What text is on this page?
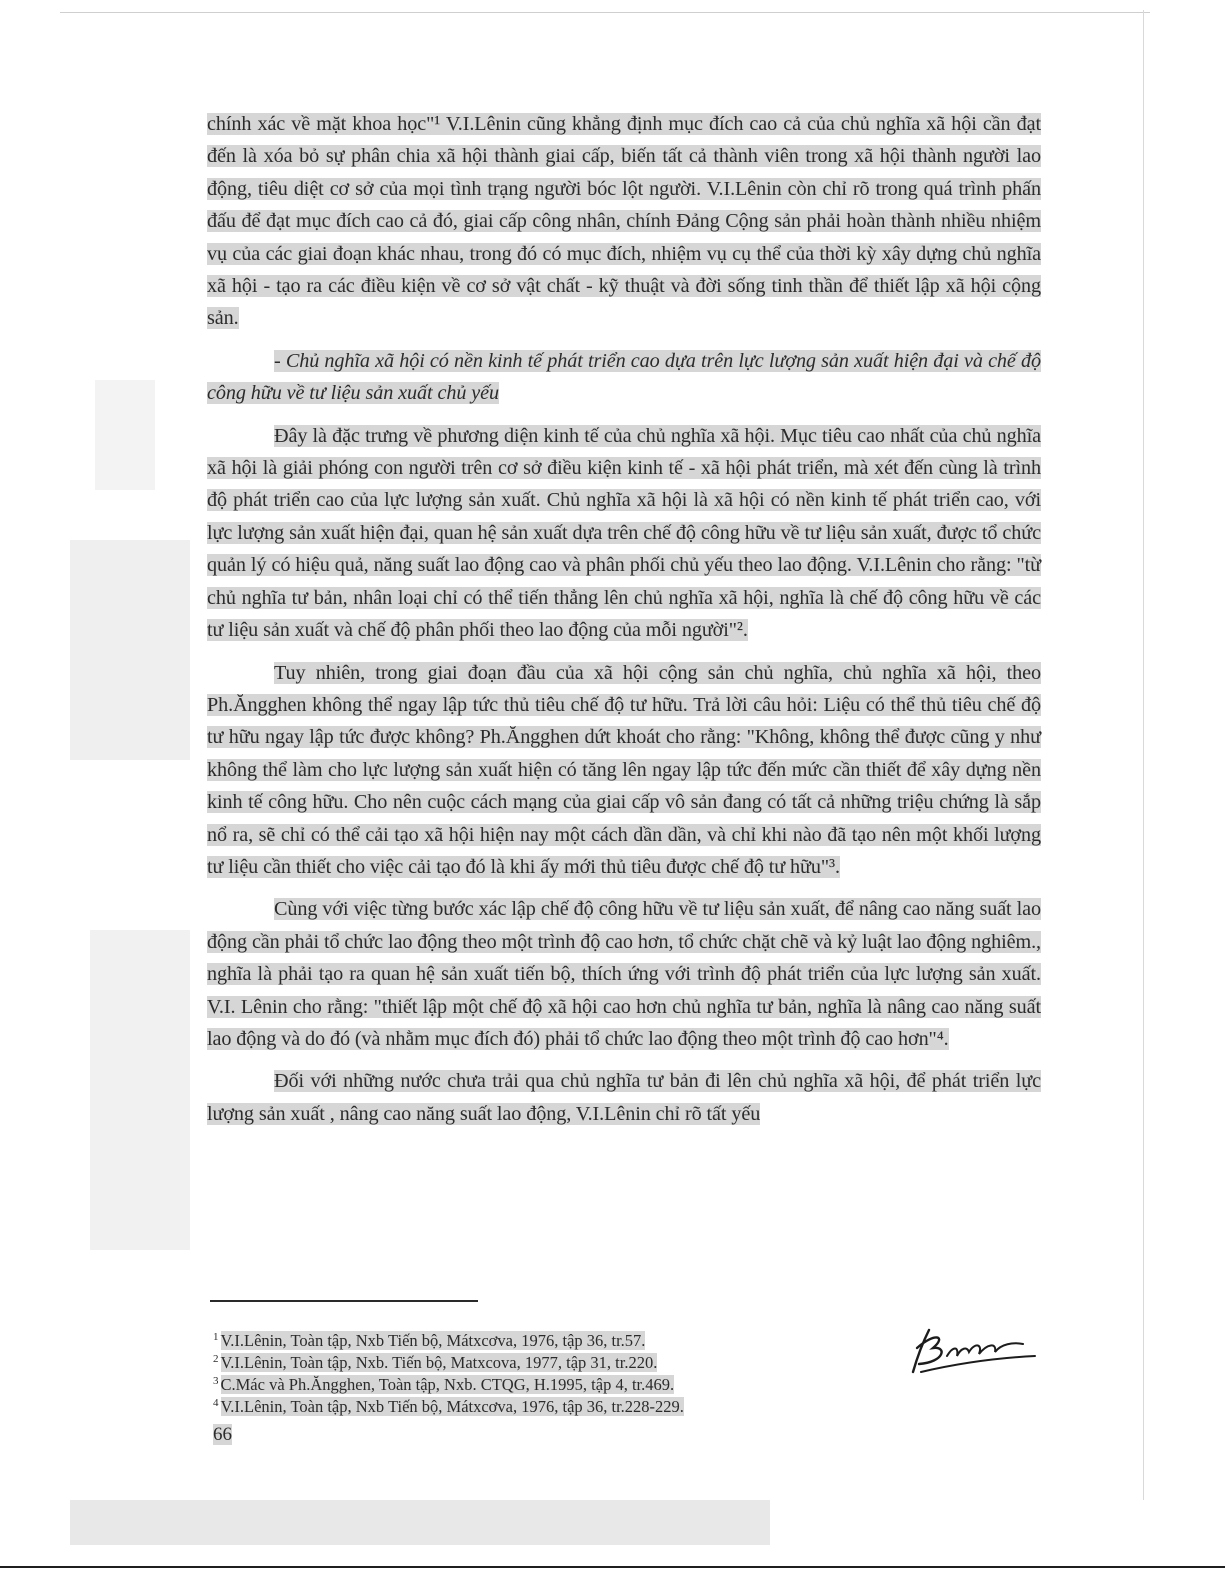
chính xác về mặt khoa học"¹ V.I.Lênin cũng khẳng định mục đích cao cả của chủ nghĩa xã hội cần đạt đến là xóa bỏ sự phân chia xã hội thành giai cấp, biến tất cả thành viên trong xã hội thành người lao động, tiêu diệt cơ sở của mọi tình trạng người bóc lột người. V.I.Lênin còn chỉ rõ trong quá trình phấn đấu để đạt mục đích cao cả đó, giai cấp công nhân, chính Đảng Cộng sản phải hoàn thành nhiều nhiệm vụ của các giai đoạn khác nhau, trong đó có mục đích, nhiệm vụ cụ thể của thời kỳ xây dựng chủ nghĩa xã hội - tạo ra các điều kiện về cơ sở vật chất - kỹ thuật và đời sống tinh thần để thiết lập xã hội cộng sản.

- Chủ nghĩa xã hội có nền kinh tế phát triển cao dựa trên lực lượng sản xuất hiện đại và chế độ công hữu về tư liệu sản xuất chủ yếu

Đây là đặc trưng về phương diện kinh tế của chủ nghĩa xã hội. Mục tiêu cao nhất của chủ nghĩa xã hội là giải phóng con người trên cơ sở điều kiện kinh tế - xã hội phát triển, mà xét đến cùng là trình độ phát triển cao của lực lượng sản xuất. Chủ nghĩa xã hội là xã hội có nền kinh tế phát triển cao, với lực lượng sản xuất hiện đại, quan hệ sản xuất dựa trên chế độ công hữu về tư liệu sản xuất, được tổ chức quản lý có hiệu quả, năng suất lao động cao và phân phối chủ yếu theo lao động. V.I.Lênin cho rằng: "từ chủ nghĩa tư bản, nhân loại chỉ có thể tiến thẳng lên chủ nghĩa xã hội, nghĩa là chế độ công hữu về các tư liệu sản xuất và chế độ phân phối theo lao động của mỗi người"².

Tuy nhiên, trong giai đoạn đầu của xã hội cộng sản chủ nghĩa, chủ nghĩa xã hội, theo Ph.Ăngghen không thể ngay lập tức thủ tiêu chế độ tư hữu. Trả lời câu hỏi: Liệu có thể thủ tiêu chế độ tư hữu ngay lập tức được không? Ph.Ăngghen dứt khoát cho rằng: "Không, không thể được cũng y như không thể làm cho lực lượng sản xuất hiện có tăng lên ngay lập tức đến mức cần thiết để xây dựng nền kinh tế công hữu. Cho nên cuộc cách mạng của giai cấp vô sản đang có tất cả những triệu chứng là sắp nổ ra, sẽ chỉ có thể cải tạo xã hội hiện nay một cách dần dần, và chỉ khi nào đã tạo nên một khối lượng tư liệu cần thiết cho việc cải tạo đó là khi ấy mới thủ tiêu được chế độ tư hữu"³.

Cùng với việc từng bước xác lập chế độ công hữu về tư liệu sản xuất, để nâng cao năng suất lao động cần phải tổ chức lao động theo một trình độ cao hơn, tổ chức chặt chẽ và kỷ luật lao động nghiêm., nghĩa là phải tạo ra quan hệ sản xuất tiến bộ, thích ứng với trình độ phát triển của lực lượng sản xuất. V.I. Lênin cho rằng: "thiết lập một chế độ xã hội cao hơn chủ nghĩa tư bản, nghĩa là nâng cao năng suất lao động và do đó (và nhằm mục đích đó) phải tổ chức lao động theo một trình độ cao hơn"⁴.

Đối với những nước chưa trải qua chủ nghĩa tư bản đi lên chủ nghĩa xã hội, để phát triển lực lượng sản xuất , nâng cao năng suất lao động, V.I.Lênin chỉ rõ tất yếu

$^1$ V.I.Lênin, Toàn tập, Nxb Tiến bộ, Mátxcơva, 1976, tập 36, tr.57.

$^2$ V.I.Lênin, Toàn tập, Nxb. Tiến bộ, Matxcova, 1977, tập 31, tr.220.

$^3$ C.Mác và Ph.Ăngghen, Toàn tập, Nxb. CTQG, H.1995, tập 4, tr.469.

$^4$ V.I.Lênin, Toàn tập, Nxb Tiến bộ, Mátxcơva, 1976, tập 36, tr.228-229.

66
